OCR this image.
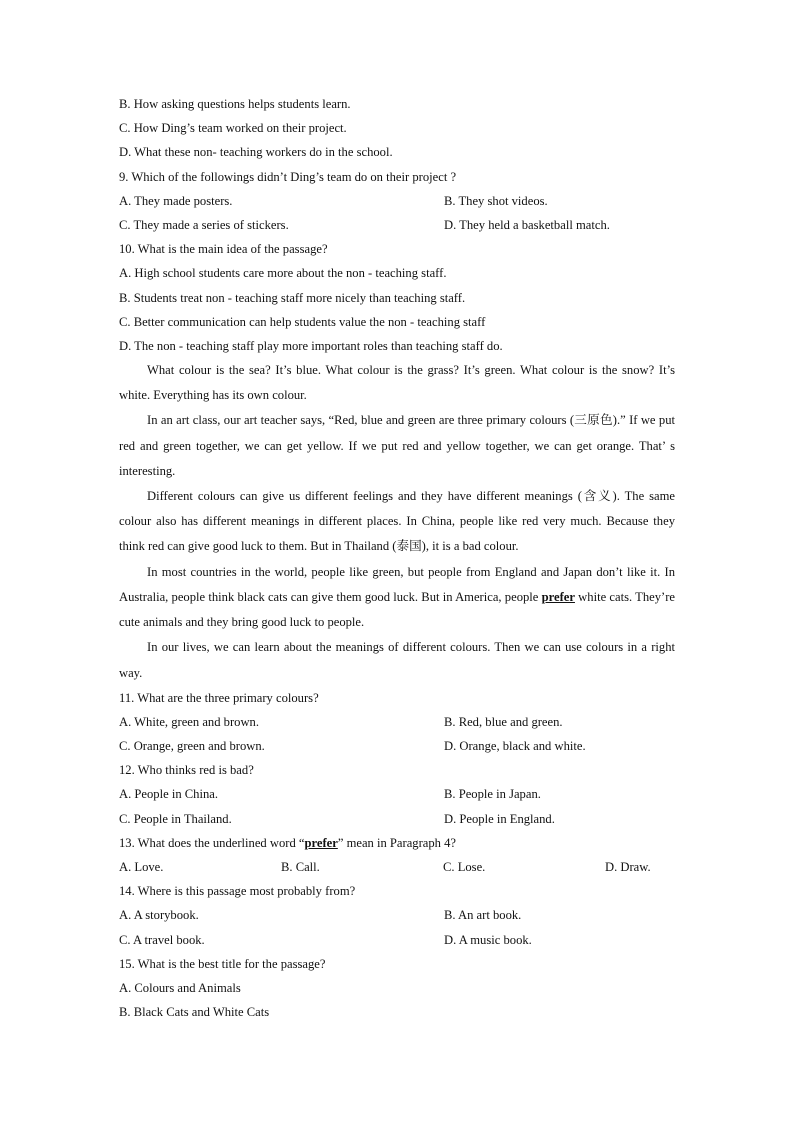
B. How asking questions helps students learn.
C. How Ding’s team worked on their project.
D. What these non- teaching workers do in the school.
9. Which of the followings didn’t Ding’s team do on their project ?
A. They made posters.	B. They shot videos.
C. They made a series of stickers.	D. They held a basketball match.
10. What is the main idea of the passage?
A. High school students care more about the non - teaching staff.
B. Students treat non - teaching staff more nicely than teaching staff.
C. Better communication can help students value the non - teaching staff
D. The non - teaching staff play more important roles than teaching staff do.
What colour is the sea? It’s blue. What colour is the grass? It’s green. What colour is the snow? It’s white. Everything has its own colour.
In an art class, our art teacher says, “Red, blue and green are three primary colours (三原色).” If we put red and green together, we can get yellow. If we put red and yellow together, we can get orange. That’ s interesting.
Different colours can give us different feelings and they have different meanings (含义). The same colour also has different meanings in different places. In China, people like red very much. Because they think red can give good luck to them. But in Thailand (泰国), it is a bad colour.
In most countries in the world, people like green, but people from England and Japan don’t like it. In Australia, people think black cats can give them good luck. But in America, people prefer white cats. They’re cute animals and they bring good luck to people.
In our lives, we can learn about the meanings of different colours. Then we can use colours in a right way.
11. What are the three primary colours?
A. White, green and brown.	B. Red, blue and green.
C. Orange, green and brown.	D. Orange, black and white.
12. Who thinks red is bad?
A. People in China.	B. People in Japan.
C. People in Thailand.	D. People in England.
13. What does the underlined word “prefer” mean in Paragraph 4?
A. Love.	B. Call.	C. Lose.	D. Draw.
14. Where is this passage most probably from?
A. A storybook.	B. An art book.
C. A travel book.	D. A music book.
15. What is the best title for the passage?
A. Colours and Animals
B. Black Cats and White Cats
